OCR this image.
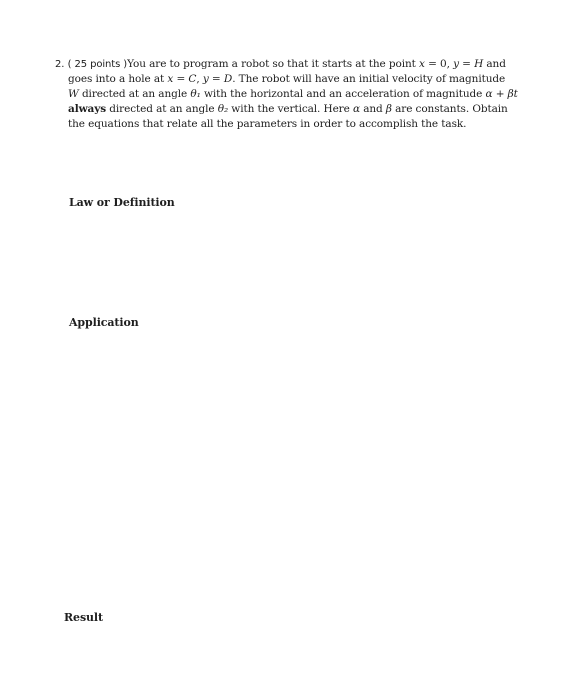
2. ( 25 points )You are to program a robot so that it starts at the point x = 0, y = H and
goes into a hole at x = C, y = D. The robot will have an initial velocity of magnitude
W directed at an angle θ₁ with the horizontal and an acceleration of magnitude α + βt
always directed at an angle θ₂ with the vertical. Here α and β are constants. Obtain
the equations that relate all the parameters in order to accomplish the task.
Law or Definition
Application
Result
